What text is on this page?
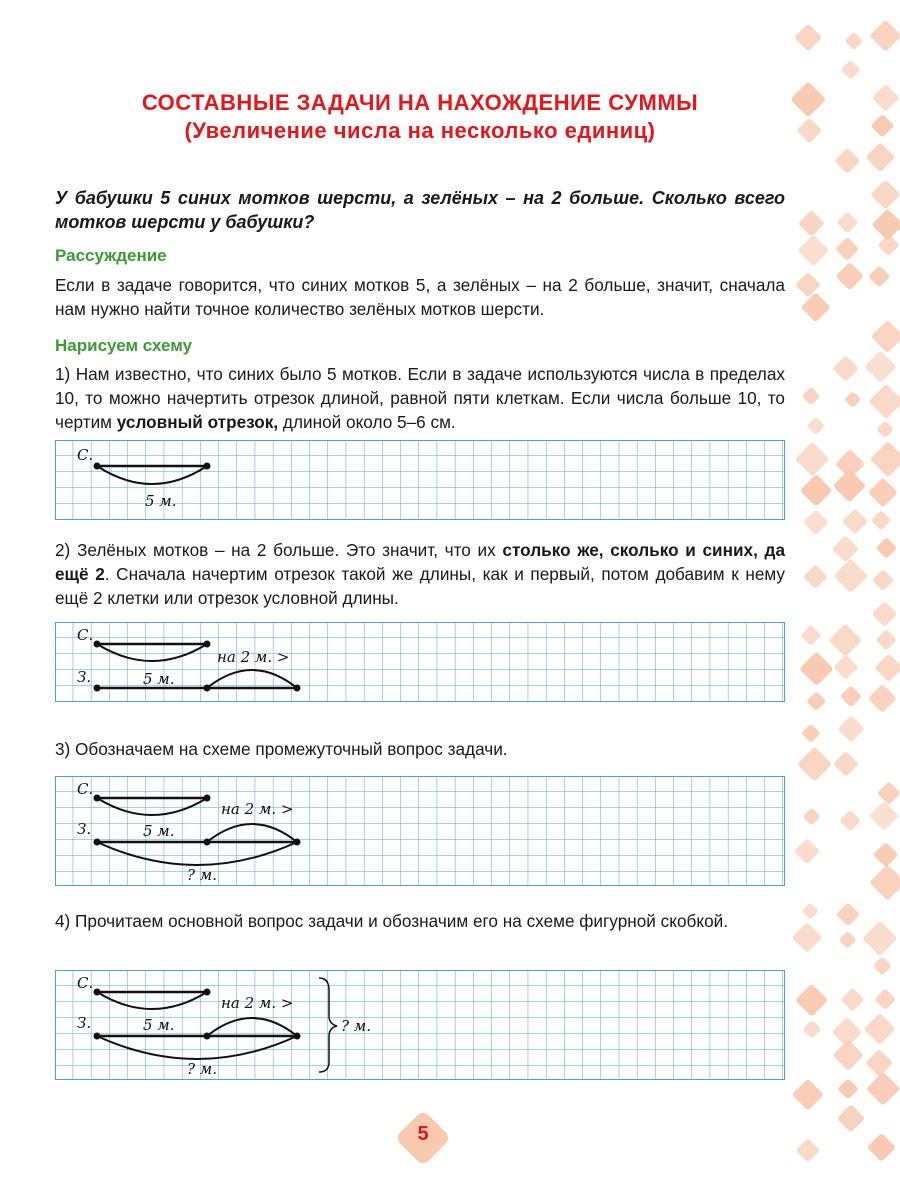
СОСТАВНЫЕ ЗАДАЧИ НА НАХОЖДЕНИЕ СУММЫ
(Увеличение числа на несколько единиц)
У бабушки 5 синих мотков шерсти, а зелёных – на 2 больше. Сколько всего мотков шерсти у бабушки?
Рассуждение
Если в задаче говорится, что синих мотков 5, а зелёных – на 2 больше, значит, сначала нам нужно найти точное количество зелёных мотков шерсти.
Нарисуем схему
1) Нам известно, что синих было 5 мотков. Если в задаче используются числа в пределах 10, то можно начертить отрезок длиной, равной пяти клеткам. Если числа больше 10, то чертим условный отрезок, длиной около 5–6 см.
2) Зелёных мотков – на 2 больше. Это значит, что их столько же, сколько и синих, да ещё 2. Сначала начертим отрезок такой же длины, как и первый, потом добавим к нему ещё 2 клетки или отрезок условной длины.
3) Обозначаем на схеме промежуточный вопрос задачи.
4) Прочитаем основной вопрос задачи и обозначим его на схеме фигурной скобкой.
С.
5 м.
С.
на 2 м. >
З.	5 м.
С.
на 2 м. >
З.	5 м.
? м.
С.
на 2 м. >
З.	5 м.
? м.
? м.
5
